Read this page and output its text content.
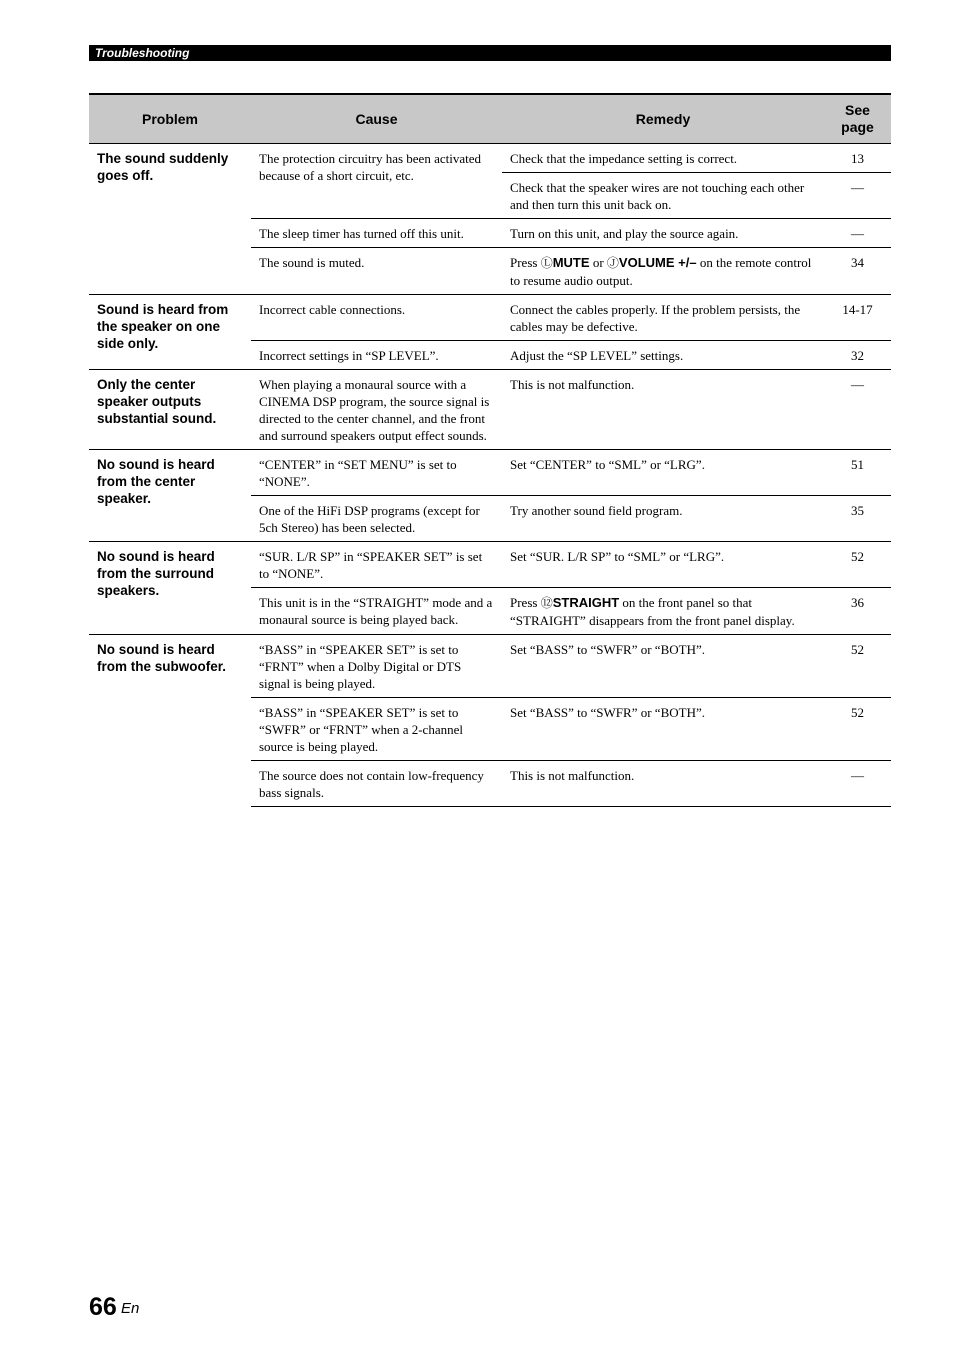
Troubleshooting
Problem	Cause	Remedy	See page
The sound suddenly goes off.	The protection circuitry has been activated because of a short circuit, etc.	Check that the impedance setting is correct.	13
		Check that the speaker wires are not touching each other and then turn this unit back on.	—
	The sleep timer has turned off this unit.	Turn on this unit, and play the source again.	—
	The sound is muted.	Press ⓁMUTE or ⒿVOLUME +/– on the remote control to resume audio output.	34
Sound is heard from the speaker on one side only.	Incorrect cable connections.	Connect the cables properly. If the problem persists, the cables may be defective.	14-17
	Incorrect settings in “SP LEVEL”.	Adjust the “SP LEVEL” settings.	32
Only the center speaker outputs substantial sound.	When playing a monaural source with a CINEMA DSP program, the source signal is directed to the center channel, and the front and surround speakers output effect sounds.	This is not malfunction.	—
No sound is heard from the center speaker.	“CENTER” in “SET MENU” is set to “NONE”.	Set “CENTER” to “SML” or “LRG”.	51
	One of the HiFi DSP programs (except for 5ch Stereo) has been selected.	Try another sound field program.	35
No sound is heard from the surround speakers.	“SUR. L/R SP” in “SPEAKER SET” is set to “NONE”.	Set “SUR. L/R SP” to “SML” or “LRG”.	52
	This unit is in the “STRAIGHT” mode and a monaural source is being played back.	Press ⑫STRAIGHT on the front panel so that “STRAIGHT” disappears from the front panel display.	36
No sound is heard from the subwoofer.	“BASS” in “SPEAKER SET” is set to “FRNT” when a Dolby Digital or DTS signal is being played.	Set “BASS” to “SWFR” or “BOTH”.	52
	“BASS” in “SPEAKER SET” is set to “SWFR” or “FRNT” when a 2-channel source is being played.	Set “BASS” to “SWFR” or “BOTH”.	52
	The source does not contain low-frequency bass signals.	This is not malfunction.	—
66 En
